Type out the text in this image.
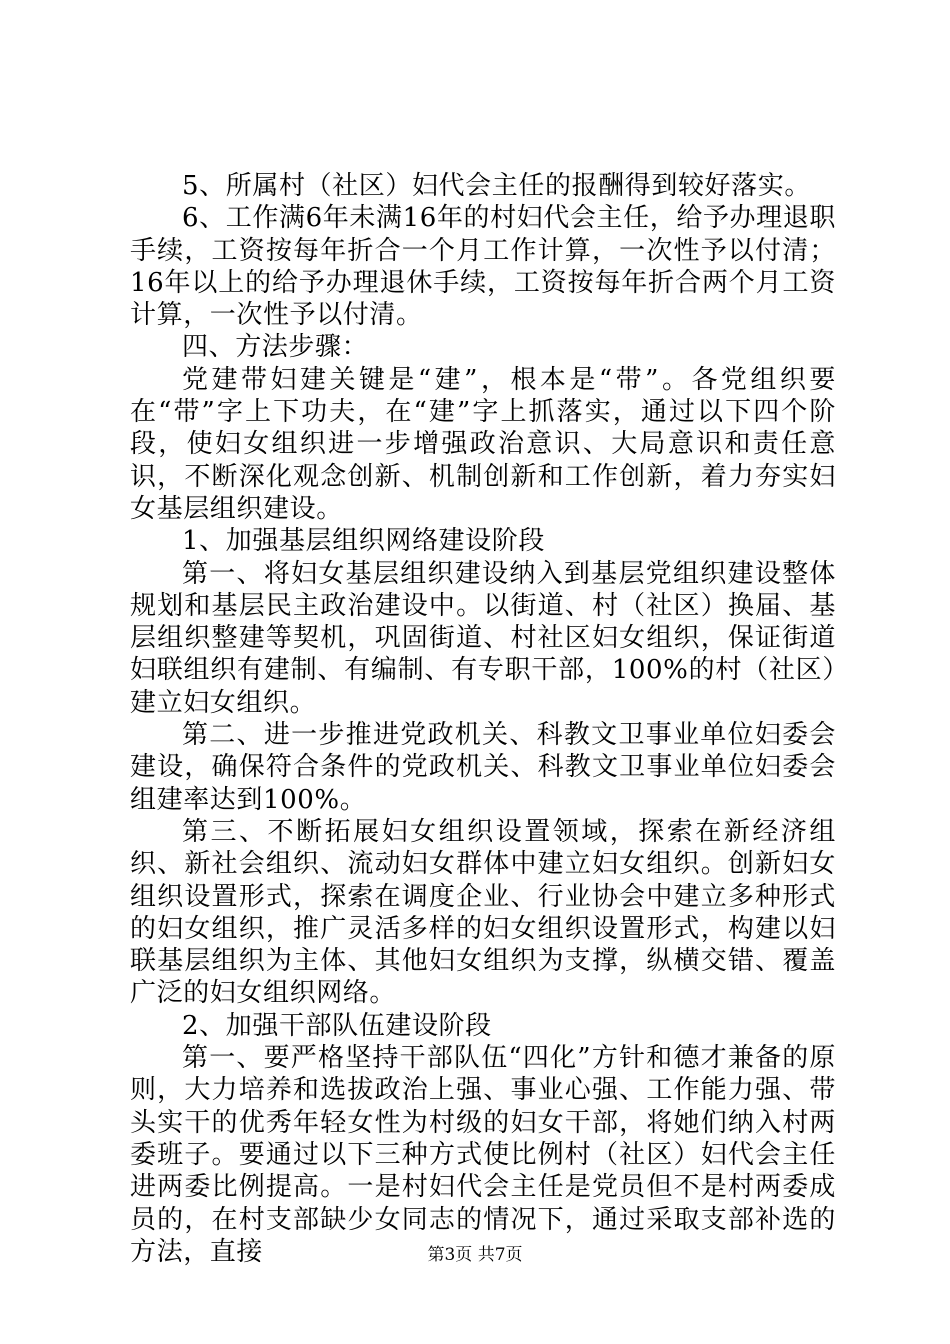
5、所属村（社区）妇代会主任的报酬得到较好落实。

6、工作满6年未满16年的村妇代会主任，给予办理退职手续，工资按每年折合一个月工作计算，一次性予以付清；16年以上的给予办理退休手续，工资按每年折合两个月工资计算，一次性予以付清。

四、方法步骤：

党建带妇建关键是“建”，根本是“带”。各党组织要在“带”字上下功夫，在“建”字上抓落实，通过以下四个阶段，使妇女组织进一步增强政治意识、大局意识和责任意识，不断深化观念创新、机制创新和工作创新，着力夯实妇女基层组织建设。

1、加强基层组织网络建设阶段

第一、将妇女基层组织建设纳入到基层党组织建设整体规划和基层民主政治建设中。以街道、村（社区）换届、基层组织整建等契机，巩固街道、村社区妇女组织，保证街道妇联组织有建制、有编制、有专职干部，100%的村（社区）建立妇女组织。

第二、进一步推进党政机关、科教文卫事业单位妇委会建设，确保符合条件的党政机关、科教文卫事业单位妇委会组建率达到100%。

第三、不断拓展妇女组织设置领域，探索在新经济组织、新社会组织、流动妇女群体中建立妇女组织。创新妇女组织设置形式，探索在调度企业、行业协会中建立多种形式的妇女组织，推广灵活多样的妇女组织设置形式，构建以妇联基层组织为主体、其他妇女组织为支撑，纵横交错、覆盖广泛的妇女组织网络。

2、加强干部队伍建设阶段

第一、要严格坚持干部队伍“四化”方针和德才兼备的原则，大力培养和选拔政治上强、事业心强、工作能力强、带头实干的优秀年轻女性为村级的妇女干部，将她们纳入村两委班子。要通过以下三种方式使比例村（社区）妇代会主任进两委比例提高。一是村妇代会主任是党员但不是村两委成员的，在村支部缺少女同志的情况下，通过采取支部补选的方法，直接	第3页 共7页
